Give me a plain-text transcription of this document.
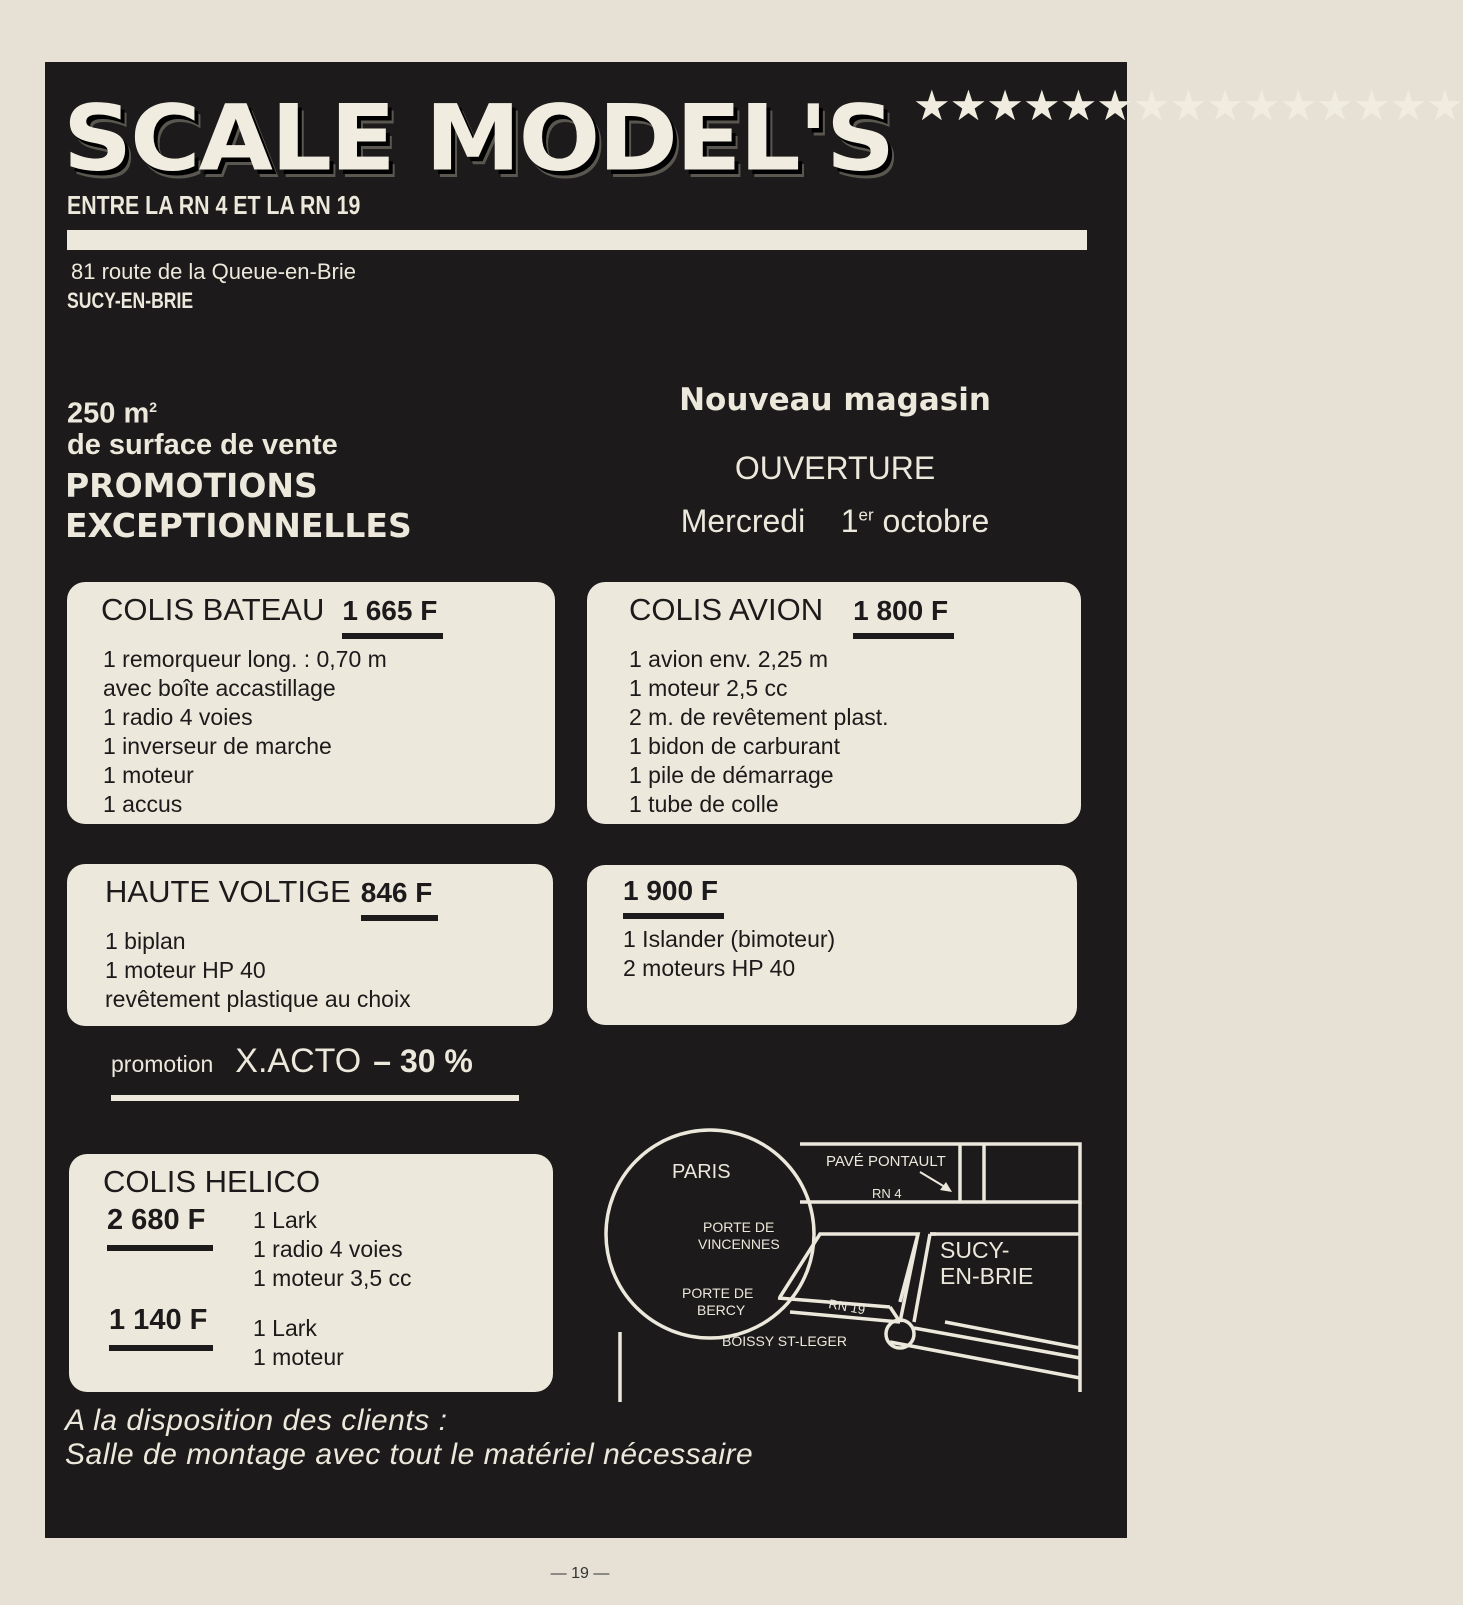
SCALE MODEL'S ★★★★★★★★★★★★★★★
ENTRE LA RN 4 ET LA RN 19
81 route de la Queue-en-Brie
SUCY-EN-BRIE
250 $m^2$
de surface de vente
PROMOTIONS
EXCEPTIONNELLES
Nouveau magasin
OUVERTURE
Mercredi 1er octobre
COLIS BATEAU 1 665 F
1 remorqueur long. : 0,70 m
avec boîte accastillage
1 radio 4 voies
1 inverseur de marche
1 moteur
1 accus
COLIS AVION 1 800 F
1 avion env. 2,25 m
1 moteur 2,5 cc
2 m. de revêtement plast.
1 bidon de carburant
1 pile de démarrage
1 tube de colle
HAUTE VOLTIGE 846 F
1 biplan
1 moteur HP 40
revêtement plastique au choix
1 900 F
1 Islander (bimoteur)
2 moteurs HP 40
promotion X.ACTO – 30 %
COLIS HELICO
2 680 F	1 Lark
1 radio 4 voies
1 moteur 3,5 cc
1 140 F 1 Lark
1 moteur
PARIS	PAVÉ PONTAULT
RN 4
PORTE DE
VINCENNES
PORTE DE
BERCY	RN 19
SUCY-
EN-BRIE
BOISSY ST-LEGER
A la disposition des clients :
Salle de montage avec tout le matériel nécessaire
— 19 —
